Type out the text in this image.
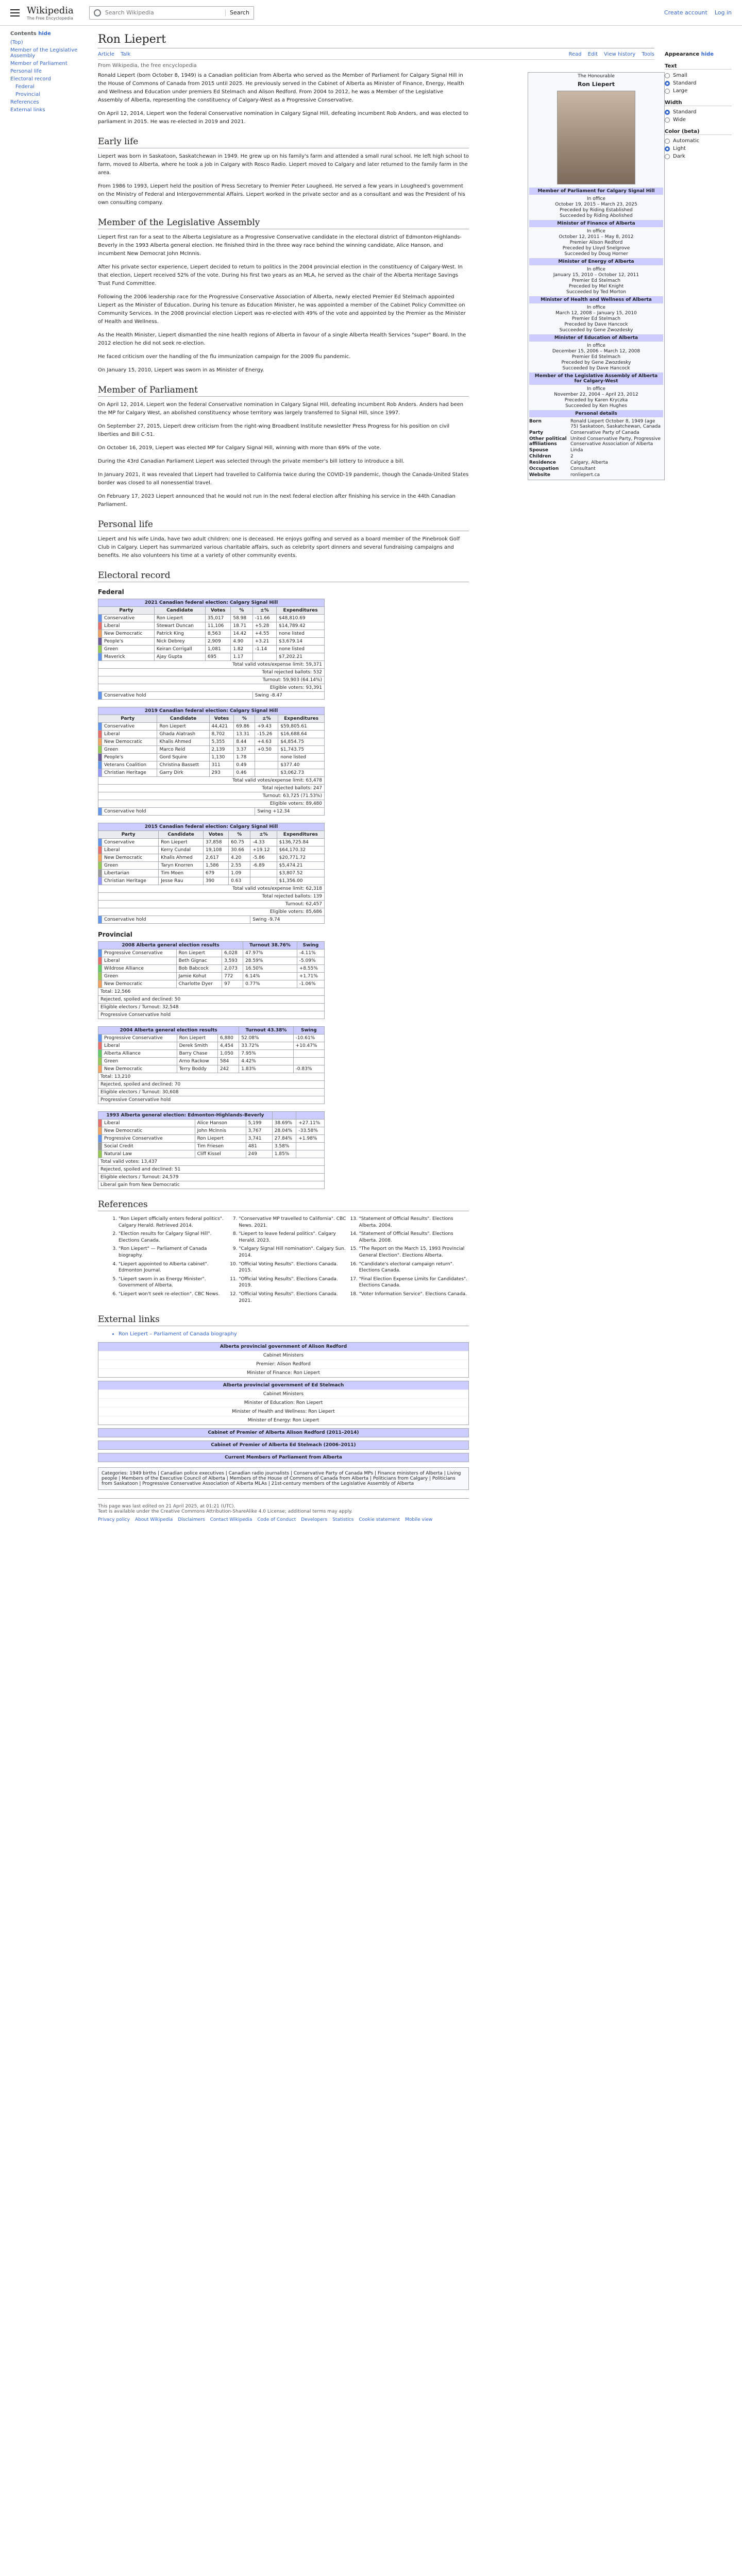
Wikipedia
The Free Encyclopedia
Search Wikipedia	Search	Create account Log in
Contents hide
(Top)
Member of the Legislative Assembly
Member of Parliament
Personal life
Electoral record
Federal
Provincial
References
External links
Ron Liepert
Article Talk	Read Edit View history Tools
From Wikipedia, the free encyclopedia
The Honourable
Ron Liepert
Member of Parliament for Calgary Signal Hill
In office
October 19, 2015 – March 23, 2025
Preceded by Riding Established
Succeeded by Riding Abolished
Minister of Finance of Alberta
In office
October 12, 2011 – May 8, 2012
Premier Alison Redford
Preceded by Lloyd Snelgrove
Succeeded by Doug Horner
Minister of Energy of Alberta
In office
January 15, 2010 – October 12, 2011
Premier Ed Stelmach
Preceded by Mel Knight
Succeeded by Ted Morton
Minister of Health and Wellness of Alberta
In office
March 12, 2008 – January 15, 2010
Premier Ed Stelmach
Preceded by Dave Hancock
Succeeded by Gene Zwozdesky
Minister of Education of Alberta
In office
December 15, 2006 – March 12, 2008
Premier Ed Stelmach
Preceded by Gene Zwozdesky
Succeeded by Dave Hancock
Member of the Legislative Assembly of Alberta for Calgary-West
In office
November 22, 2004 – April 23, 2012
Preceded by Karen Kryczka
Succeeded by Ken Hughes
Personal details
Born	Ronald Liepert October 8, 1949 (age 75) Saskatoon, Saskatchewan, Canada
Party	Conservative Party of Canada
Other political affiliations
United Conservative Party, Progressive Conservative Association of Alberta
Spouse	Linda
Children	2
Residence	Calgary, Alberta
Occupation	Consultant
Website	ronliepert.ca

Ronald Liepert (born October 8, 1949) is a Canadian politician from Alberta who served as the Member of Parliament for Calgary Signal Hill in the House of Commons of Canada from 2015 until 2025. He previously served in the Cabinet of Alberta as Minister of Finance, Energy, Health and Wellness and Education under premiers Ed Stelmach and Alison Redford. From 2004 to 2012, he was a Member of the Legislative Assembly of Alberta, representing the constituency of Calgary-West as a Progressive Conservative.

On April 12, 2014, Liepert won the federal Conservative nomination in Calgary Signal Hill, defeating incumbent Rob Anders, and was elected to parliament in 2015. He was re-elected in 2019 and 2021.

Early life

Liepert was born in Saskatoon, Saskatchewan in 1949. He grew up on his family's farm and attended a small rural school. He left high school to farm, moved to Alberta, where he took a job in Calgary with Rosco Radio. Liepert moved to Calgary and later returned to the family farm in the area.

From 1986 to 1993, Liepert held the position of Press Secretary to Premier Peter Lougheed. He served a few years in Lougheed's government on the Ministry of Federal and Intergovernmental Affairs. Liepert worked in the private sector and as a consultant and was the President of his own consulting company.

Member of the Legislative Assembly

Liepert first ran for a seat to the Alberta Legislature as a Progressive Conservative candidate in the electoral district of Edmonton-Highlands-Beverly in the 1993 Alberta general election. He finished third in the three way race behind the winning candidate, Alice Hanson, and incumbent New Democrat John McInnis.

After his private sector experience, Liepert decided to return to politics in the 2004 provincial election in the constituency of Calgary-West. In that election, Liepert received 52% of the vote. During his first two years as an MLA, he served as the chair of the Alberta Heritage Savings Trust Fund Committee.

Following the 2006 leadership race for the Progressive Conservative Association of Alberta, newly elected Premier Ed Stelmach appointed Liepert as the Minister of Education. During his tenure as Education Minister, he was appointed a member of the Cabinet Policy Committee on Community Services. In the 2008 provincial election Liepert was re-elected with 49% of the vote and appointed by the Premier as the Minister of Health and Wellness.

As the Health Minister, Liepert dismantled the nine health regions of Alberta in favour of a single Alberta Health Services "super" Board. In the 2012 election he did not seek re-election.

He faced criticism over the handling of the flu immunization campaign for the 2009 flu pandemic.

On January 15, 2010, Liepert was sworn in as Minister of Energy.

Member of Parliament

On April 12, 2014, Liepert won the federal Conservative nomination in Calgary Signal Hill, defeating incumbent Rob Anders. Anders had been the MP for Calgary West, an abolished constituency whose territory was largely transferred to Signal Hill, since 1997.

On September 27, 2015, Liepert drew criticism from the right-wing Broadbent Institute newsletter Press Progress for his position on civil liberties and Bill C-51.

On October 16, 2019, Liepert was elected MP for Calgary Signal Hill, winning with more than 69% of the vote.

During the 43rd Canadian Parliament Liepert was selected through the private member's bill lottery to introduce a bill.

In January 2021, it was revealed that Liepert had travelled to California twice during the COVID-19 pandemic, though the Canada-United States border was closed to all nonessential travel.

On February 17, 2023 Liepert announced that he would not run in the next federal election after finishing his service in the 44th Canadian Parliament.

Personal life

Liepert and his wife Linda, have two adult children; one is deceased. He enjoys golfing and served as a board member of the Pinebrook Golf Club in Calgary. Liepert has summarized various charitable affairs, such as celebrity sport dinners and several fundraising campaigns and benefits. He also volunteers his time at a variety of other community events.

Electoral record
Federal
2021 Canadian federal election: Calgary Signal Hill						
Party		Candidate	Votes	%	±%	Expenditures
	Conservative	Ron Liepert	35,017	58.98	-11.66	$48,810.69
	Liberal	Stewart Duncan	11,106	18.71	+5.28	$14,789.42
	New Democratic	Patrick King	8,563	14.42	+4.55	none listed
	People's	Nick Debrey	2,909	4.90	+3.21	$3,679.14
	Green	Keiran Corrigall	1,081	1.82	-1.14	none listed
	Maverick	Ajay Gupta	695	1.17		$7,202.21
Total valid votes/expense limit: 59,371						
Total rejected ballots: 532						
Turnout: 59,903 (64.14%)						
Eligible voters: 93,391						
	Conservative hold				Swing -8.47	
2019 Canadian federal election: Calgary Signal Hill						
Party		Candidate	Votes	%	±%	Expenditures
	Conservative	Ron Liepert	44,421	69.86	+9.43	$59,805.61
	Liberal	Ghada Alatrash	8,702	13.31	-15.26	$16,688.64
	New Democratic	Khalis Ahmed	5,355	8.44	+4.63	$4,854.75
	Green	Marco Reid	2,139	3.37	+0.50	$1,743.75
	People's	Gord Squire	1,130	1.78		none listed
	Veterans Coalition	Christina Bassett	311	0.49		$377.40
	Christian Heritage	Garry Dirk	293	0.46		$3,062.73
Total valid votes/expense limit: 63,478						
Total rejected ballots: 247						
Turnout: 63,725 (71.53%)						
Eligible voters: 89,480						
	Conservative hold				Swing +12.34	
2015 Canadian federal election: Calgary Signal Hill						
Party		Candidate	Votes	%	±%	Expenditures
	Conservative	Ron Liepert	37,858	60.75	-4.33	$136,725.84
	Liberal	Kerry Cundal	19,108	30.66	+19.12	$64,170.32
	New Democratic	Khalis Ahmed	2,617	4.20	-5.86	$20,771.72
	Green	Taryn Knorren	1,586	2.55	-6.89	$5,474.21
	Libertarian	Tim Moen	679	1.09		$3,807.52
	Christian Heritage	Jesse Rau	390	0.63		$1,356.00
Total valid votes/expense limit: 62,318						
Total rejected ballots: 139						
Turnout: 62,457						
Eligible voters: 85,686						
	Conservative hold				Swing -9.74	
Provincial
2008 Alberta general election results				Turnout 38.76%	Swing
	Progressive Conservative	Ron Liepert	6,028	47.97%	-4.11%
	Liberal	Beth Gignac	3,593	28.59%	-5.09%
	Wildrose Alliance	Bob Babcock	2,073	16.50%	+8.55%
	Green	Jamie Kohut	772	6.14%	+1.71%
	New Democratic	Charlotte Dyer	97	0.77%	-1.06%
Total: 12,566					
Rejected, spoiled and declined: 50					
Eligible electors / Turnout: 32,548					
Progressive Conservative hold					
2004 Alberta general election results				Turnout 43.38%	Swing
	Progressive Conservative	Ron Liepert	6,880	52.08%	-10.61%
	Liberal	Derek Smith	4,454	33.72%	+10.47%
	Alberta Alliance	Barry Chase	1,050	7.95%	
	Green	Arno Rackow	584	4.42%	
	New Democratic	Terry Boddy	242	1.83%	-0.83%
Total: 13,210					
Rejected, spoiled and declined: 70					
Eligible electors / Turnout: 30,608					
Progressive Conservative hold					
1993 Alberta general election: Edmonton-Highlands-Beverly					
	Liberal	Alice Hanson	5,199	38.69%	+27.11%
	New Democratic	John McInnis	3,767	28.04%	-33.58%
	Progressive Conservative	Ron Liepert	3,741	27.84%	+1.98%
	Social Credit	Tim Friesen	481	3.58%	
	Natural Law	Cliff Kissel	249	1.85%	
Total valid votes: 13,437					
Rejected, spoiled and declined: 51					
Eligible electors / Turnout: 24,579					
Liberal gain from New Democratic					
References
1. "Ron Liepert officially enters federal politics". Calgary Herald. Retrieved 2014.
2. "Election results for Calgary Signal Hill". Elections Canada.
3. "Ron Liepert" — Parliament of Canada biography.
4. "Liepert appointed to Alberta cabinet". Edmonton Journal.
5. "Liepert sworn in as Energy Minister". Government of Alberta.
6. "Liepert won't seek re-election". CBC News.
7. "Conservative MP travelled to California". CBC News. 2021.
8. "Liepert to leave federal politics". Calgary Herald. 2023.
9. "Calgary Signal Hill nomination". Calgary Sun. 2014.
10. "Official Voting Results". Elections Canada. 2015.
11. "Official Voting Results". Elections Canada. 2019.
12. "Official Voting Results". Elections Canada. 2021.
13. "Statement of Official Results". Elections Alberta. 2004.
14. "Statement of Official Results". Elections Alberta. 2008.
15. "The Report on the March 15, 1993 Provincial General Election". Elections Alberta.
16. "Candidate's electoral campaign return". Elections Canada.
17. "Final Election Expense Limits for Candidates". Elections Canada.
18. "Voter Information Service". Elections Canada.
External links
• Ron Liepert – Parliament of Canada biography
Alberta provincial government of Alison Redford
Cabinet Ministers
Premier: Alison Redford
Minister of Finance: Ron Liepert
Alberta provincial government of Ed Stelmach
Cabinet Ministers
Minister of Education: Ron Liepert
Minister of Health and Wellness: Ron Liepert
Minister of Energy: Ron Liepert
Cabinet of Premier of Alberta Alison Redford (2011–2014)
Cabinet of Premier of Alberta Ed Stelmach (2006–2011)
Current Members of Parliament from Alberta
Categories: 1949 births | Canadian police executives | Canadian radio journalists | Conservative Party of Canada MPs | Finance ministers of Alberta | Living people | Members of the Executive Council of Alberta | Members of the House of Commons of Canada from Alberta | Politicians from Calgary | Politicians from Saskatoon | Progressive Conservative Association of Alberta MLAs | 21st-century members of the Legislative Assembly of Alberta
This page was last edited on 21 April 2025, at 01:21 (UTC).
Text is available under the Creative Commons Attribution-ShareAlike 4.0 License; additional terms may apply.
Privacy policy About Wikipedia Disclaimers Contact Wikipedia Code of Conduct Developers Statistics Cookie statement Mobile view
Appearance hide
Text
Small
Standard
Large
Width
Standard
Wide
Color (beta)
Automatic
Light
Dark
